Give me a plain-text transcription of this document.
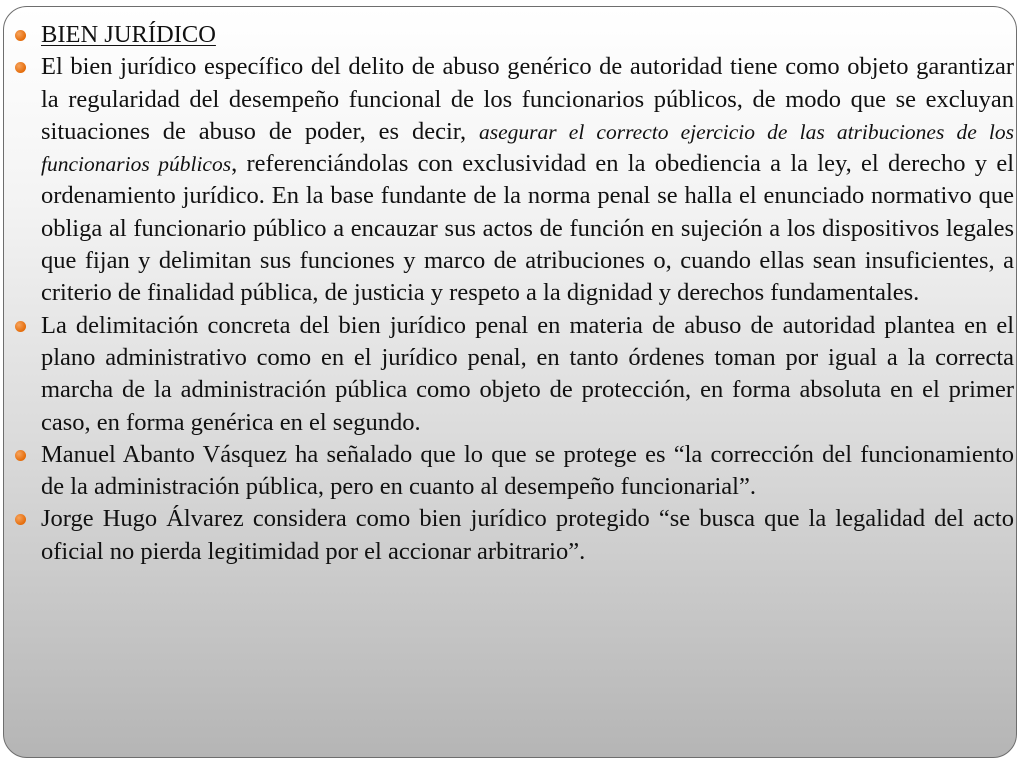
BIEN JURÍDICO
El bien jurídico específico del delito de abuso genérico de autoridad tiene como objeto garantizar la regularidad del desempeño funcional de los funcionarios públicos, de modo que se excluyan situaciones de abuso de poder, es decir, asegurar el correcto ejercicio de las atribuciones de los funcionarios públicos, referenciándolas con exclusividad en la obediencia a la ley, el derecho y el ordenamiento jurídico. En la base fundante de la norma penal se halla el enunciado normativo que obliga al funcionario público a encauzar sus actos de función en sujeción a los dispositivos legales que fijan y delimitan sus funciones y marco de atribuciones o, cuando ellas sean insuficientes, a criterio de finalidad pública, de justicia y respeto a la dignidad y derechos fundamentales.
La delimitación concreta del bien jurídico penal en materia de abuso de autoridad plantea en el plano administrativo como en el jurídico penal, en tanto órdenes toman por igual a la correcta marcha de la administración pública como objeto de protección, en forma absoluta en el primer caso, en forma genérica en el segundo.
Manuel Abanto Vásquez ha señalado que lo que se protege es “la corrección del funcionamiento de la administración pública, pero en cuanto al desempeño funcionarial”.
Jorge Hugo Álvarez considera como bien jurídico protegido “se busca que la legalidad del acto oficial no pierda legitimidad por el accionar arbitrario”.
